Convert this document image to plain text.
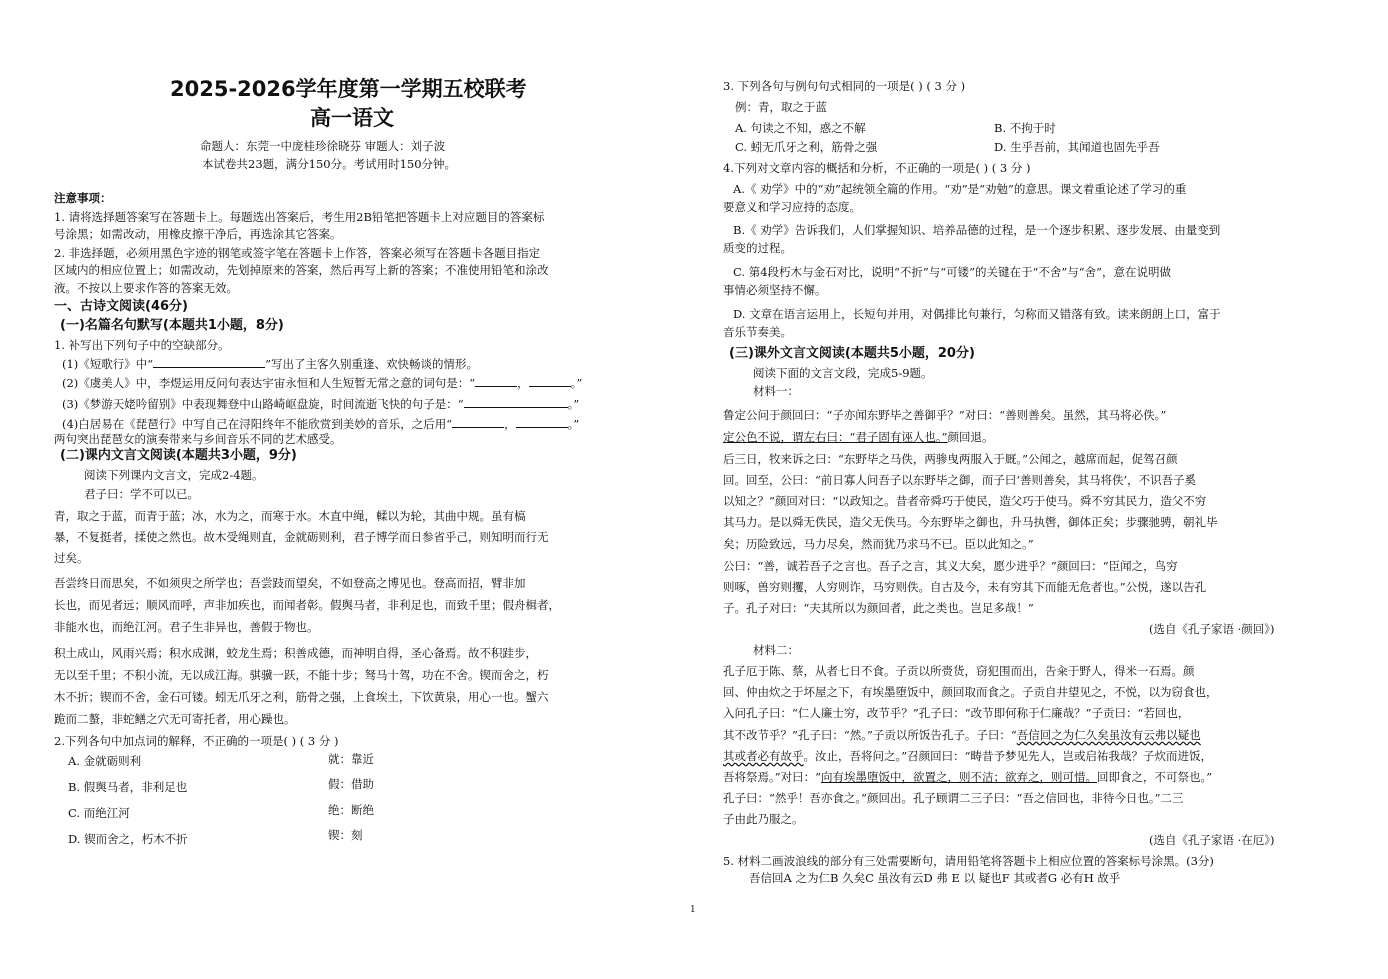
2025-2026学年度第一学期五校联考
高一语文
命题人：东莞一中庞桂珍徐晓芬 审题人：刘子波
本试卷共23题，满分150分。考试用时150分钟。
注意事项：
1. 请将选择题答案写在答题卡上。每题选出答案后，考生用2B铅笔把答题卡上对应题目的答案标
号涂黑；如需改动，用橡皮擦干净后，再选涂其它答案。
2. 非选择题，必须用黑色字迹的钢笔或签字笔在答题卡上作答，答案必须写在答题卡各题目指定
区域内的相应位置上；如需改动，先划掉原来的答案，然后再写上新的答案；不准使用铅笔和涂改
液。不按以上要求作答的答案无效。
一、古诗文阅读(46分)
(一)名篇名句默写(本题共1小题，8分)
1. 补写出下列句子中的空缺部分。
(1)《短歌行》中“	”写出了主客久别重逢、欢快畅谈的情形。
(2)《虞美人》中，李煜运用反问句表达宇宙永恒和人生短暂无常之意的词句是：“	，	。”
(3)《梦游天姥吟留别》中表现舞登中山路崎岖盘旋，时间流逝飞快的句子是：“	。”
(4)白居易在《琵琶行》中写自己在浔阳终年不能欣赏到美妙的音乐，之后用“	，	。”
两句突出琵琶女的演奏带来与乡间音乐不同的艺术感受。
(二)课内文言文阅读(本题共3小题，9分)
阅读下列课内文言文，完成2-4题。
君子曰：学不可以已。
青，取之于蓝，而青于蓝；冰，水为之，而寒于水。木直中绳，輮以为轮，其曲中规。虽有槁
暴，不复挺者，揉使之然也。故木受绳则直，金就砺则利，君子博学而日参省乎己，则知明而行无
过矣。
吾尝终日而思矣，不如须臾之所学也；吾尝跂而望矣，不如登高之博见也。登高而招，臂非加
长也，而见者远；顺风而呼，声非加疾也，而闻者彰。假舆马者，非利足也，而致千里；假舟楫者，
非能水也，而绝江河。君子生非异也，善假于物也。
积土成山，风雨兴焉；积水成渊，蛟龙生焉；积善成德，而神明自得，圣心备焉。故不积跬步，
无以至千里；不积小流，无以成江海。骐骥一跃，不能十步；驽马十驾，功在不舍。锲而舍之，朽
木不折；锲而不舍，金石可镂。蚓无爪牙之利，筋骨之强，上食埃土，下饮黄泉，用心一也。蟹六
跪而二螯，非蛇鳝之穴无可寄托者，用心躁也。
2.下列各句中加点词的解释，不正确的一项是( ) ( 3 分 )
A. 金就砺则利	就：靠近
B. 假舆马者，非利足也	假：借助
C. 而绝江河	绝：断绝
D. 锲而舍之，朽木不折	锲：刻
3. 下列各句与例句句式相同的一项是( ) ( 3 分 )
例：青，取之于蓝
A. 句读之不知，惑之不解	B. 不拘于时
C. 蚓无爪牙之利，筋骨之强	D. 生乎吾前，其闻道也固先乎吾
4.下列对文章内容的概括和分析，不正确的一项是( ) ( 3 分 )
A.《 劝学》中的“劝”起统领全篇的作用。“劝”是“劝勉”的意思。课文着重论述了学习的重
要意义和学习应持的态度。
B.《 劝学》告诉我们，人们掌握知识、培养品德的过程，是一个逐步积累、逐步发展、由量变到
质变的过程。
C. 第4段朽木与金石对比，说明“不折”与“可镂”的关键在于“不舍”与“舍”，意在说明做
事情必须坚持不懈。
D. 文章在语言运用上，长短句并用，对偶排比句兼行，匀称而又错落有致。读来朗朗上口，富于
音乐节奏美。
(三)课外文言文阅读(本题共5小题，20分)
阅读下面的文言文段，完成5-9题。
材料一：
鲁定公问于颜回曰：“子亦闻东野毕之善御乎？”对曰：“善则善矣。虽然，其马将必佚。”
定公色不说，谓左右曰：“君子固有诬人也。”颜回退。
后三日，牧来诉之曰：“东野毕之马佚，两骖曳两服入于厩。”公闻之，越席而起，促驾召颜
回。回至，公曰：“前日寡人问吾子以东野毕之御，而子曰‘善则善矣，其马将佚’，不识吾子奚
以知之？”颜回对曰：“以政知之。昔者帝舜巧于使民，造父巧于使马。舜不穷其民力，造父不穷
其马力。是以舜无佚民，造父无佚马。今东野毕之御也，升马执辔，御体正矣；步骤驰骋，朝礼毕
矣；历险致远，马力尽矣，然而犹乃求马不已。臣以此知之。”
公曰：“善，诚若吾子之言也。吾子之言，其义大矣，愿少进乎？”颜回曰：“臣闻之，鸟穷
则啄，兽穷则攫，人穷则诈，马穷则佚。自古及今，未有穷其下而能无危者也。”公悦，遂以告孔
子。孔子对曰：“夫其所以为颜回者，此之类也。岂足多哉！”
(选自《孔子家语 ·颜回》)
材料二：
孔子厄于陈、蔡，从者七日不食。子贡以所赍货，窃犯围而出，告籴于野人，得米一石焉。颜
回、仲由炊之于坏屋之下，有埃墨堕饭中，颜回取而食之。子贡自井望见之，不悦，以为窃食也，
入问孔子曰：“仁人廉士穷，改节乎？”孔子曰：“改节即何称于仁廉哉？”子贡曰：“若回也，
其不改节乎？”孔子曰：“然。”子贡以所饭告孔子。子曰：“吾信回之为仁久矣虽汝有云弗以疑也
其或者必有故乎。汝止，吾将问之。”召颜回曰：“畴昔予梦见先人，岂或启祐我哉？子炊而进饭，
吾将祭焉。”对曰：“向有埃墨堕饭中，欲置之，则不洁；欲弃之，则可惜。回即食之，不可祭也。”
孔子曰：“然乎！吾亦食之。”颜回出。孔子顾谓二三子曰：“吾之信回也，非待今日也。”二三
子由此乃服之。
(选自《孔子家语 ·在厄》)
5. 材料二画波浪线的部分有三处需要断句，请用铅笔将答题卡上相应位置的答案标号涂黑。(3分)
吾信回A 之为仁B 久矣C 虽汝有云D 弗 E 以 疑也F 其或者G 必有H 故乎
1
